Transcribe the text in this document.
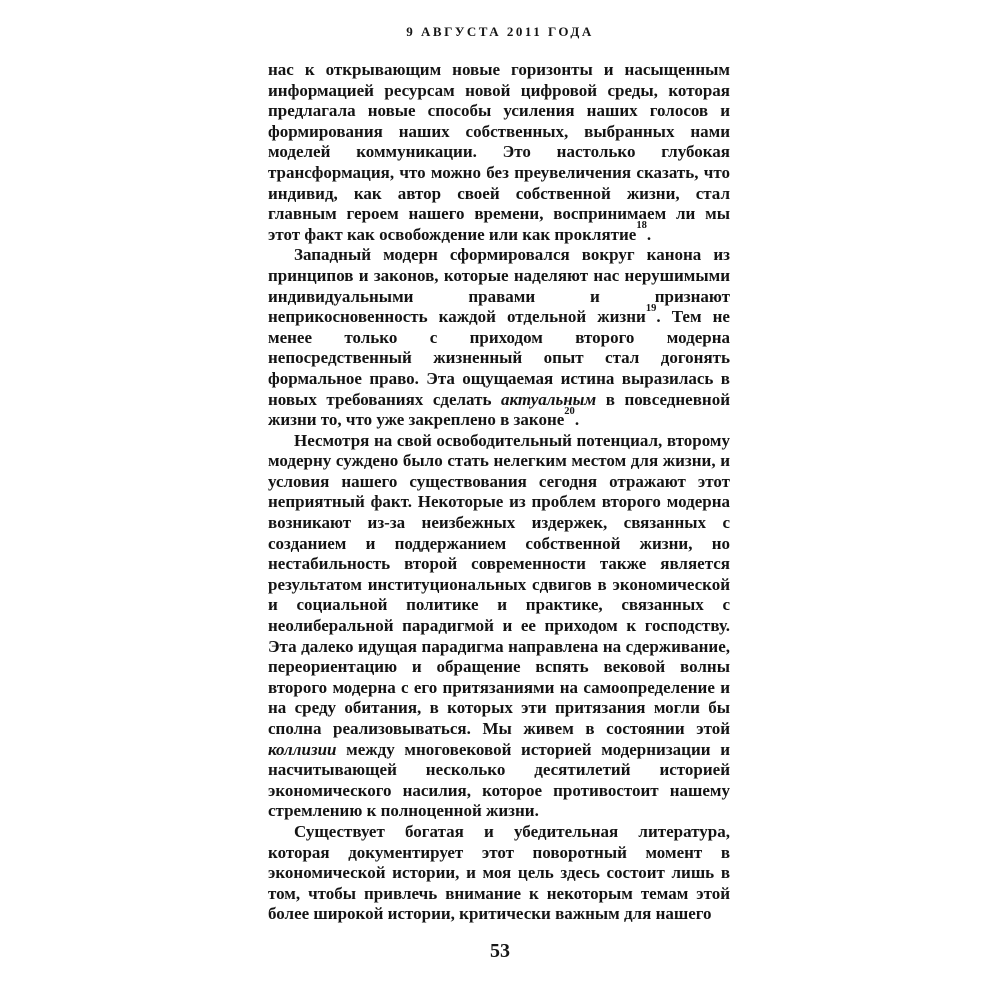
9 АВГУСТА 2011 ГОДА

нас к открывающим новые горизонты и насыщенным информацией ресурсам новой цифровой среды, которая предлагала новые способы усиления наших голосов и формирования наших собственных, выбранных нами моделей коммуникации. Это настолько глубокая трансформация, что можно без преувеличения сказать, что индивид, как автор своей собственной жизни, стал главным героем нашего времени, воспринимаем ли мы этот факт как освобождение или как проклятие$^{18}$.

Западный модерн сформировался вокруг канона из принципов и законов, которые наделяют нас нерушимыми индивидуальными правами и признают неприкосновенность каждой отдельной жизни$^{19}$. Тем не менее только с приходом второго модерна непосредственный жизненный опыт стал догонять формальное право. Эта ощущаемая истина выразилась в новых требованиях сделать актуальным в повседневной жизни то, что уже закреплено в законе$^{20}$.

Несмотря на свой освободительный потенциал, второму модерну суждено было стать нелегким местом для жизни, и условия нашего существования сегодня отражают этот неприятный факт. Некоторые из проблем второго модерна возникают из-за неизбежных издержек, связанных с созданием и поддержанием собственной жизни, но нестабильность второй современности также является результатом институциональных сдвигов в экономической и социальной политике и практике, связанных с неолиберальной парадигмой и ее приходом к господству. Эта далеко идущая парадигма направлена на сдерживание, переориентацию и обращение вспять вековой волны второго модерна с его притязаниями на самоопределение и на среду обитания, в которых эти притязания могли бы сполна реализовываться. Мы живем в состоянии этой коллизии между многовековой историей модернизации и насчитывающей несколько десятилетий историей экономического насилия, которое противостоит нашему стремлению к полноценной жизни.

Существует богатая и убедительная литература, которая документирует этот поворотный момент в экономической истории, и моя цель здесь состоит лишь в том, чтобы привлечь внимание к некоторым темам этой более широкой истории, критически важным для нашего

53
